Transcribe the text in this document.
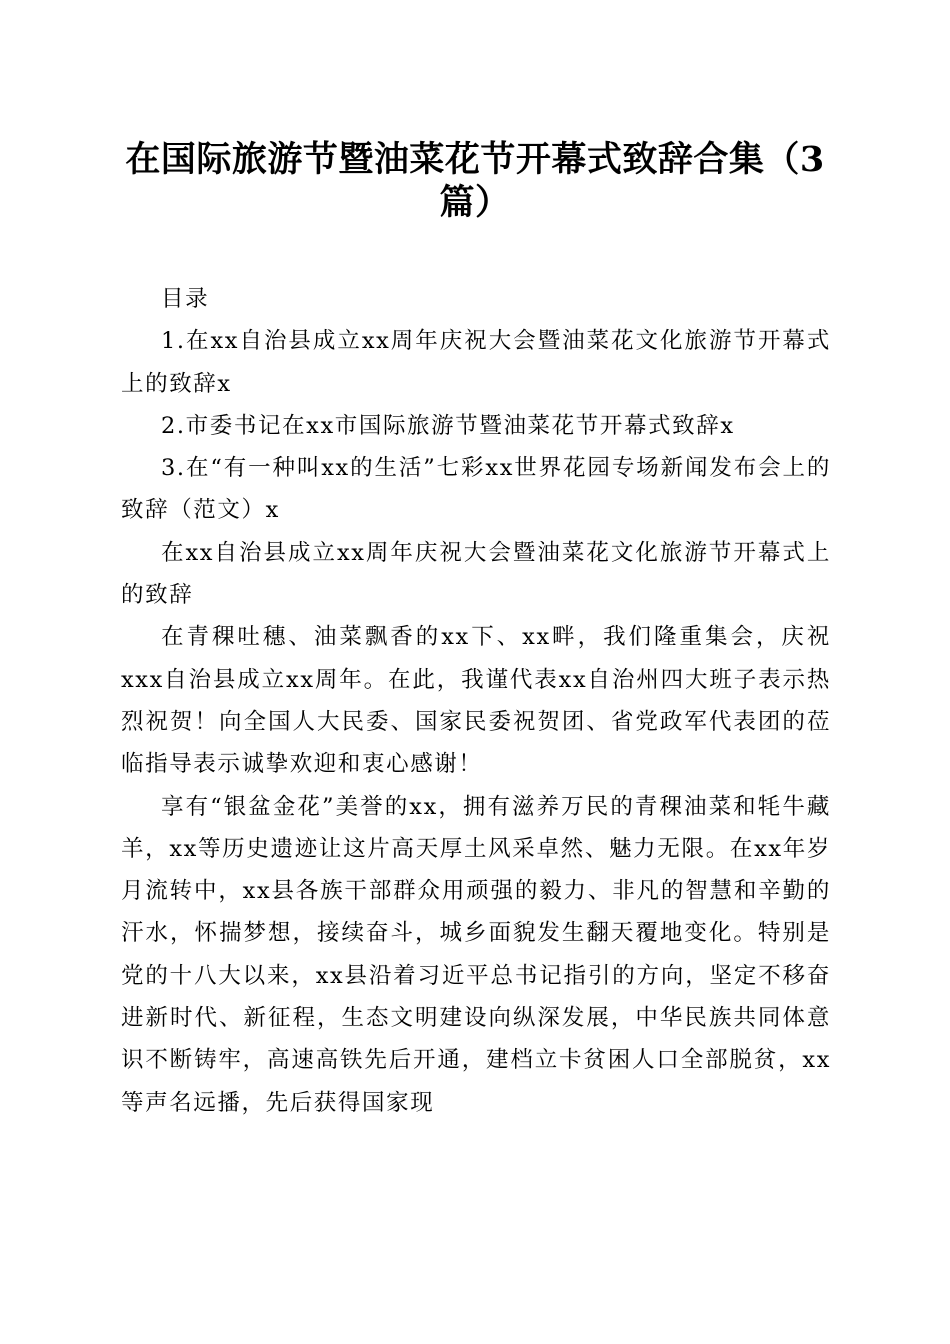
在国际旅游节暨油菜花节开幕式致辞合集（3篇）

目录

1.在xx自治县成立xx周年庆祝大会暨油菜花文化旅游节开幕式上的致辞x

2.市委书记在xx市国际旅游节暨油菜花节开幕式致辞x

3.在“有一种叫xx的生活”七彩xx世界花园专场新闻发布会上的致辞（范文）x

在xx自治县成立xx周年庆祝大会暨油菜花文化旅游节开幕式上的致辞

在青稞吐穗、油菜飘香的xx下、xx畔，我们隆重集会，庆祝xxx自治县成立xx周年。在此，我谨代表xx自治州四大班子表示热烈祝贺！向全国人大民委、国家民委祝贺团、省党政军代表团的莅临指导表示诚挚欢迎和衷心感谢！

享有“银盆金花”美誉的xx，拥有滋养万民的青稞油菜和牦牛藏羊，xx等历史遗迹让这片高天厚土风采卓然、魅力无限。在xx年岁月流转中，xx县各族干部群众用顽强的毅力、非凡的智慧和辛勤的汗水，怀揣梦想，接续奋斗，城乡面貌发生翻天覆地变化。特别是党的十八大以来，xx县沿着习近平总书记指引的方向，坚定不移奋进新时代、新征程，生态文明建设向纵深发展，中华民族共同体意识不断铸牢，高速高铁先后开通，建档立卡贫困人口全部脱贫，xx等声名远播，先后获得国家现
